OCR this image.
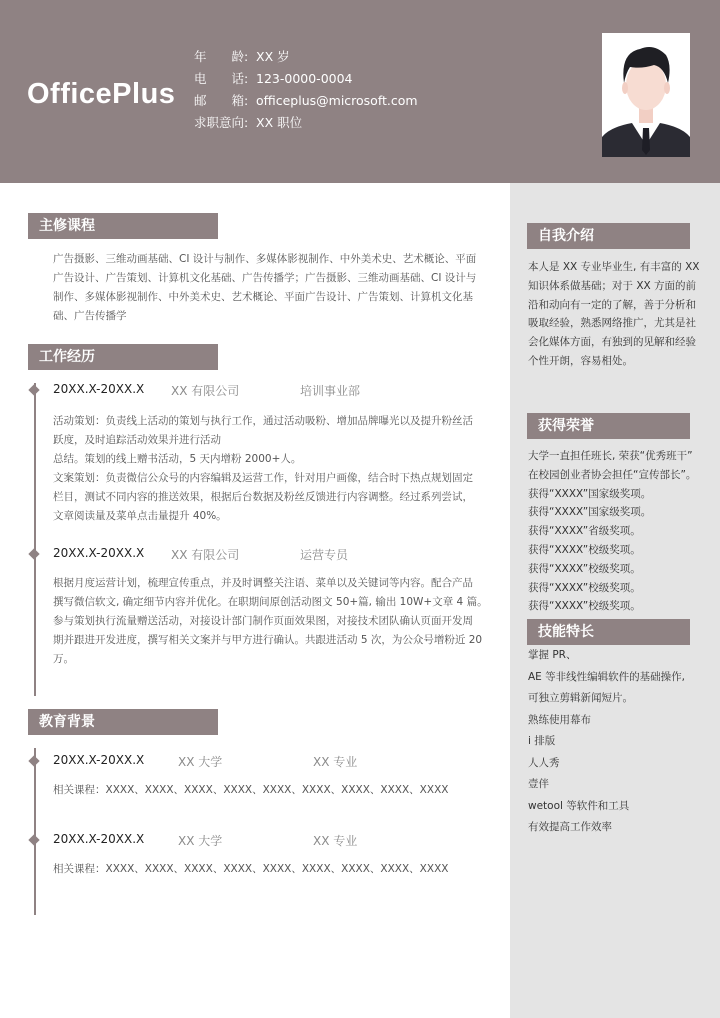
OfficePlus
年　　龄: XX 岁
电　　话: 123-0000-0004
邮　　箱: officeplus@microsoft.com
求职意向: XX 职位
主修课程
广告摄影、三维动画基础、CI 设计与制作、多媒体影视制作、中外美术史、艺术概论、平面
广告设计、广告策划、计算机文化基础、广告传播学；广告摄影、三维动画基础、CI 设计与
制作、多媒体影视制作、中外美术史、艺术概论、平面广告设计、广告策划、计算机文化基
础、广告传播学
工作经历
20XX.X-20XX.X XX 有限公司	培训事业部
活动策划：负责线上活动的策划与执行工作，通过活动吸粉、增加品牌曝光以及提升粉丝活
跃度，及时追踪活动效果并进行活动
总结。策划的线上赠书活动，5 天内增粉 2000+人。
文案策划：负责微信公众号的内容编辑及运营工作，针对用户画像，结合时下热点规划固定
栏目，测试不同内容的推送效果，根据后台数据及粉丝反馈进行内容调整。经过系列尝试，
文章阅读量及菜单点击量提升 40%。
20XX.X-20XX.X XX 有限公司	运营专员
根据月度运营计划，梳理宣传重点，并及时调整关注语、菜单以及关键词等内容。配合产品
撰写微信软文, 确定细节内容并优化。在职期间原创活动图文 50+篇, 输出 10W+文章 4 篇。
参与策划执行流量赠送活动，对接设计部门制作页面效果图，对接技术团队确认页面开发周
期并跟进开发进度，撰写相关文案并与甲方进行确认。共跟进活动 5 次，为公众号增粉近 20
万。
教育背景
20XX.X-20XX.X	XX 大学	XX 专业
相关课程：XXXX、XXXX、XXXX、XXXX、XXXX、XXXX、XXXX、XXXX、XXXX
20XX.X-20XX.X	XX 大学	XX 专业
相关课程：XXXX、XXXX、XXXX、XXXX、XXXX、XXXX、XXXX、XXXX、XXXX
自我介绍
本人是 XX 专业毕业生, 有丰富的 XX
知识体系做基础；对于 XX 方面的前
沿和动向有一定的了解，善于分析和
吸取经验，熟悉网络推广，尤其是社
会化媒体方面，有独到的见解和经验
个性开朗，容易相处。
获得荣誉
大学一直担任班长, 荣获“优秀班干”
在校园创业者协会担任“宣传部长”。
获得“XXXX”国家级奖项。
获得“XXXX”国家级奖项。
获得“XXXX”省级奖项。
获得“XXXX”校级奖项。
获得“XXXX”校级奖项。
获得“XXXX”校级奖项。
获得“XXXX”校级奖项。
技能特长
掌握 PR、
AE 等非线性编辑软件的基础操作,
可独立剪辑新闻短片。
熟练使用幕布
i 排版
人人秀
壹伴
wetool 等软件和工具
有效提高工作效率
